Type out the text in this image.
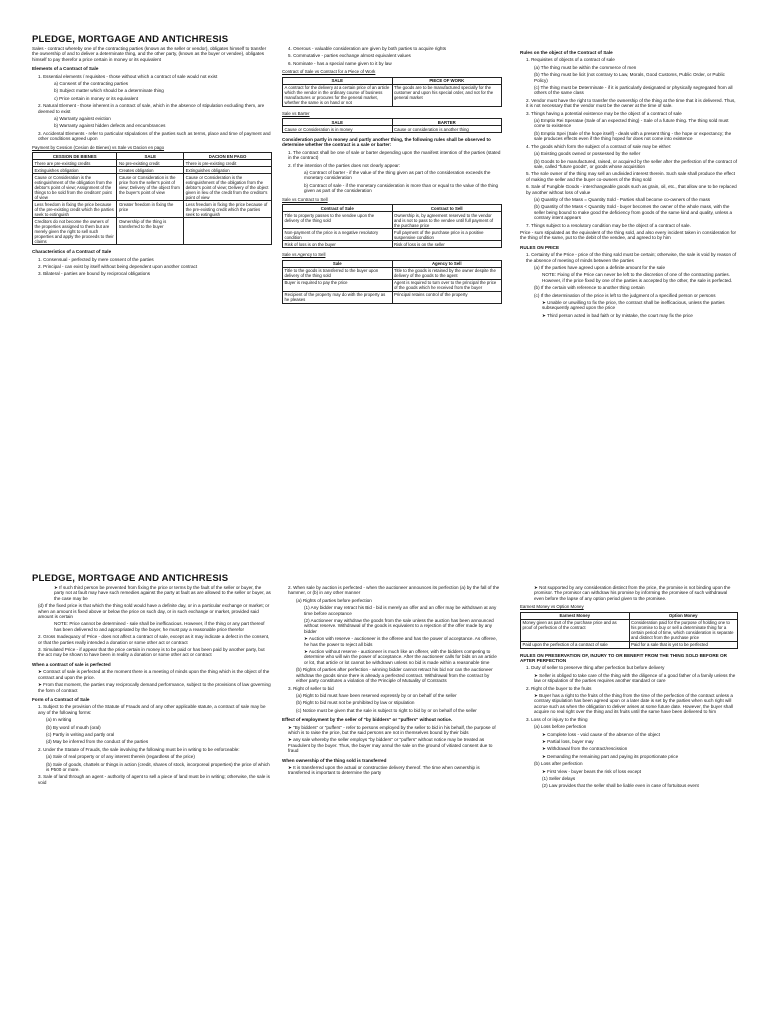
PLEDGE, MORTGAGE AND ANTICHRESIS

Sales - contract whereby one of the contracting parties (known as the seller or vendor), obligates himself to transfer the ownership of and to deliver a determinate thing, and the other party, (known as the buyer or vendee), obligates himself to pay therefor a price certain in money or its equivalent

Elements of a Contract of Sale

1. Essential elements / requisites - those without which a contract of sale would not exist

a) Consent of the contracting parties

b) Subject matter which should be a determinate thing

c) Price certain in money or its equivalent

2. Natural Element - those inherent in a contract of sale, which in the absence of stipulation excluding them, are deemed to exist

a) Warranty against eviction

b) Warranty against hidden defects and encumbrances

3. Accidental Elements - refer to particular stipulations of the parties such as terms, place and time of payment and other conditions agreed upon

Payment by Cession (Cesion de Bienes) vs Sale vs Dacion en pago

CESSION DE BIENES	SALE	DACION EN PAGO
There are pre-existing credits	No pre-existing credit	There is pre-existing credit
Extinguishes obligation	Creates obligation	Extinguishes obligation
Cause or Consideration is the extinguishment of the obligation from the debtor's point of view; Assignment of the things to be sold from the creditors' point of view	Cause or Consideration is the price from the seller's point of view; Delivery of the object from the buyer's point of view	Cause or Consideration is the extinguishment of the obligation from the debtor's point of view; Delivery of the object given in lieu of the credit from the creditor's point of view
Less freedom in fixing the price because of the pre-existing credit which the parties seek to extinguish	Greater freedom in fixing the price	Less freedom in fixing the price because of the pre-existing credit which the parties seek to extinguish
Creditors do not become the owners of the properties assigned to them but are merely given the right to sell such properties and apply the proceeds to their claims	Ownership of the thing is transferred to the buyer	

Characteristics of a Contract of Sale

1. Consensual - perfected by mere consent of the parties

2. Principal - can exist by itself without being dependent upon another contract

3. Bilateral - parties are bound by reciprocal obligations

4. Onerous - valuable consideration are given by both parties to acquire rights

5. Commutative - parties exchange almost equivalent values

6. Nominate - has a special name given to it by law

Contract of Sale vs Contract for a Piece of Work

SALE	PIECE OF WORK
A contract for the delivery at a certain price of an article which the vendor in the ordinary course of business manufactures or procures for the general market, whether the same is on hand or not	The goods are to be manufactured specially for the customer and upon his special order, and not for the general market

Sale vs Barter

SALE	BARTER
Cause or Consideration is in money	Cause or consideration is another thing

Consideration partly in money and partly another thing, the following rules shall be observed to determine whether the contract is a sale or barter:

1. The contract shall be one of sale or barter depending upon the manifest intention of the parties (stated in the contract)

2. If the intention of the parties does not clearly appear:

a) Contract of barter - if the value of the thing given as part of the consideration exceeds the monetary consideration

b) Contract of sale - if the monetary consideration is more than or equal to the value of the thing given as part of the consideration

Sale vs Contract to Sell

Contract of Sale	Contract to Sell
Title to property passes to the vendee upon the delivery of the thing sold	Ownership is, by agreement reserved to the vendor and is not to pass to the vendee until full payment of the purchase price
Non-payment of the price is a negative resolutory condition	Full payment of the purchase price is a positive suspensive condition
Risk of loss is on the buyer	Risk of loss is on the seller

Sale vs Agency to Sell

Sale	Agency to Sell
Title to the goods is transferred to the buyer upon delivery of the thing sold	Title to the goods is retained by the owner despite the delivery of the goods to the agent
Buyer is required to pay the price	Agent is required to turn over to the principal the price of the goods which he received from the buyer
Recipient of the property may do with the property as he pleases	Principal retains control of the property

Rules on the object of the Contract of Sale

1. Requisites of objects of a contract of sale

(a) The thing must be within the commerce of men

(b) The thing must be licit (not contrary to Law, Morals, Good Customs, Public Order, or Public Policy)

(c) The thing must be Determinate - if it is particularly designated or physically segregated from all others of the same class

2. Vendor must have the right to transfer the ownership of the thing at the time that it is delivered. Thus, it is not necessary that the vendor must be the owner at the time of sale.

3. Things having a potential existence may be the object of a contract of sale

(a) Emptio Rei Speratae (Sale of an expected thing) - Sale of a future thing. The thing sold must come to existence

(b) Emptio Spei (Sale of the hope itself) - deals with a present thing - the hope or expectancy; the sale produces effects even if the thing hoped for does not come into existence

4. The goods which form the subject of a contract of sale may be either:

(a) Existing goods owned or possessed by the seller

(b) Goods to be manufactured, raised, or acquired by the seller after the perfection of the contract of sale, called "future goods", or goods whose acquisition

5. The sole owner of the thing may sell an undivided interest therein. Such sale shall produce the effect of making the seller and the buyer co-owners of the thing sold

6. Sale of Fungible Goods - interchangeable goods such as grain, oil, etc., that allow one to be replaced by another without loss of value

(a) Quantity of the Mass = Quantity Sold - Parties shall become co-owners of the mass

(b) Quantity of the Mass < Quantity Sold - buyer becomes the owner of the whole mass, with the seller being bound to make good the deficiency from goods of the same kind and quality, unless a contrary intent appears

7. Things subject to a resolutory condition may be the object of a contract of sale.

Price - sum stipulated as the equivalent of the thing sold, and also every incident taken in consideration for the thing of the same, put to the debit of the vendee, and agreed to by him

RULES ON PRICE

1. Certainty of the Price - price of the thing sold must be certain; otherwise, the sale is void by reason of the absence of meeting of minds between the parties

(a) If the parties have agreed upon a definite amount for the sale

NOTE: Fixing of the Price can never be left to the discretion of one of the contracting parties. However, if the price fixed by one of the parties is accepted by the other, the sale is perfected.

(b) If the certain with reference to another thing certain

(c) If the determination of the price is left to the judgment of a specified person or persons

➤ Unable or unwilling to fix the price, the contract shall be inefficacious, unless the parties subsequently agreed upon the price

➤ Third person acted in bad faith or by mistake, the court may fix the price

PLEDGE, MORTGAGE AND ANTICHRESIS

➤ If such third person be prevented from fixing the price or terms by the fault of the seller or buyer, the party not at fault may have such remedies against the party at fault as are allowed to the seller or buyer, as the case may be

(d) If the fixed price is that which the thing sold would have a definite day, or in a particular exchange or market; or when an amount is fixed above or below the price on such day, or in such exchange or market, provided said amount is certain

NOTE: Price cannot be determined - sale shall be inefficacious. However, if the thing or any part thereof has been delivered to and appropriated by the buyer, he must pay a reasonable price therefor

2. Gross Inadequacy of Price - does not affect a contract of sale, except as it may indicate a defect in the consent, or that the parties really intended a donation or some other act or contract

3. Simulated Price - if appear that the price certain in money is to be paid or has been paid by another party, but the act may be shown to have been in reality a donation or some other act or contract

When a contract of sale is perfected

➤ Contract of sale is perfected at the moment there is a meeting of minds upon the thing which is the object of the contract and upon the price.

➤ From that moment, the parties may reciprocally demand performance, subject to the provisions of law governing the form of contract

Form of a Contract of Sale

1. Subject to the provision of the Statute of Frauds and of any other applicable statute, a contract of sale may be any of the following forms:

(a) In writing

(b) By word of mouth (oral)

(c) Partly in writing and partly oral

(d) May be inferred from the conduct of the parties

2. Under the Statute of Frauds, the sale involving the following must be in writing to be enforceable:

(a) Sale of real property or of any interest therein (regardless of the price)

(b) Sale of goods, chattels or things in action (credit, shares of stock, incorporeal properties) the price of which is P500 or more.

3. Sale of land through an agent - authority of agent to sell a piece of land must be in writing; otherwise, the sale is void

2. When sale by auction is perfected - when the auctioneer announces its perfection (a) by the fall of the hammer, or (b) in any other manner

(a) Rights of parties before perfection

(1) Any bidder may retract his Bid - bid is merely an offer and an offer may be withdrawn at any time before acceptance

(2) Auctioneer may withdraw the goods from the sale unless the auction has been announced without reserve. Withdrawal of the goods is equivalent to a rejection of the offer made by any bidder

➤ Auction with reserve - auctioneer is the offeree and has the power of acceptance. As offeree, he has the power to reject all bids

➤ Auction without reserve - auctioneer is much like an offerer, with the bidders competing to determine who will win the power of acceptance. After the auctioneer calls for bids on an article or lot, that article or lot cannot be withdrawn unless no bid is made within a reasonable time

(b) Rights of parties after perfection - winning bidder cannot retract his bid nor can the auctioneer withdraw the goods since there is already a perfected contract. Withdrawal from the contract by either party constitutes a violation of the Principle of Mutuality of Contracts

3. Right of seller to bid

(a) Right to bid must have been reserved expressly by or on behalf of the seller

(b) Right to bid must not be prohibited by law or stipulation

(c) Notice must be given that the sale is subject to right to bid by or on behalf of the seller

Effect of employment by the seller of "by bidders" or "puffers" without notice.

➤ "By bidders" or "puffers" - refer to persons employed by the seller to bid in his behalf, the purpose of which is to raise the price, but the said persons are not in themselves bound by their bids

➤ any sale whereby the seller employs "by bidders" or "puffers" without notice may be treated as Fraudulent by the buyer. Thus, the buyer may annul the sale on the ground of vitiated consent due to fraud

When ownership of the thing sold is transferred

➤ It is transferred upon the actual or constructive delivery thereof. The time when ownership is transferred is important to determine the party

➤ Not supported by any consideration distinct from the price, the promise is not binding upon the promisor. The promisor can withdraw his promise by informing the promisee of such withdrawal even before the lapse of any option period given to the promisee.

Earnest Money vs Option Money

Earnest Money	Option Money
Money given as part of the purchase price and as proof of perfection of the contract	Consideration paid for the purpose of holding one to his promise to buy or sell a determinate thing for a certain period of time, which consideration is separate and distinct from the purchase price
Paid upon the perfection of a contract of sale	Paid for a sale that is yet to be perfected

RULES ON PRESERVATION OF, INJURY TO OR BENEFIT FROM THE THING SOLD BEFORE OR AFTER PERFECTION

1. Duty of seller to preserve thing after perfection but before delivery

➤ Seller is obliged to take care of the thing with the diligence of a good father of a family unless the law or stipulation of the parties requires another standard or care

2. Right of the buyer to the fruits

➤ Buyer has a right to the fruits of the thing from the time of the perfection of the contract unless a contrary stipulation has been agreed upon or a later date is set by the parties when such right will accrue such as when the obligation to deliver arises at some future date. However, the buyer shall acquire no real right over the thing and its fruits until the same have been delivered to him

3. Loss of or injury to the thing

(a) Loss before perfection

➤ Complete loss - void cause of the absence of the object

➤ Partial loss, buyer may

➤ Withdrawal from the contract/rescission

➤ Demanding the remaining part and paying its proportionate price

(b) Loss after perfection

➤ First View - buyer bears the risk of loss except

(1) Seller delays

(2) Law provides that the seller shall be liable even in case of fortuitous event
